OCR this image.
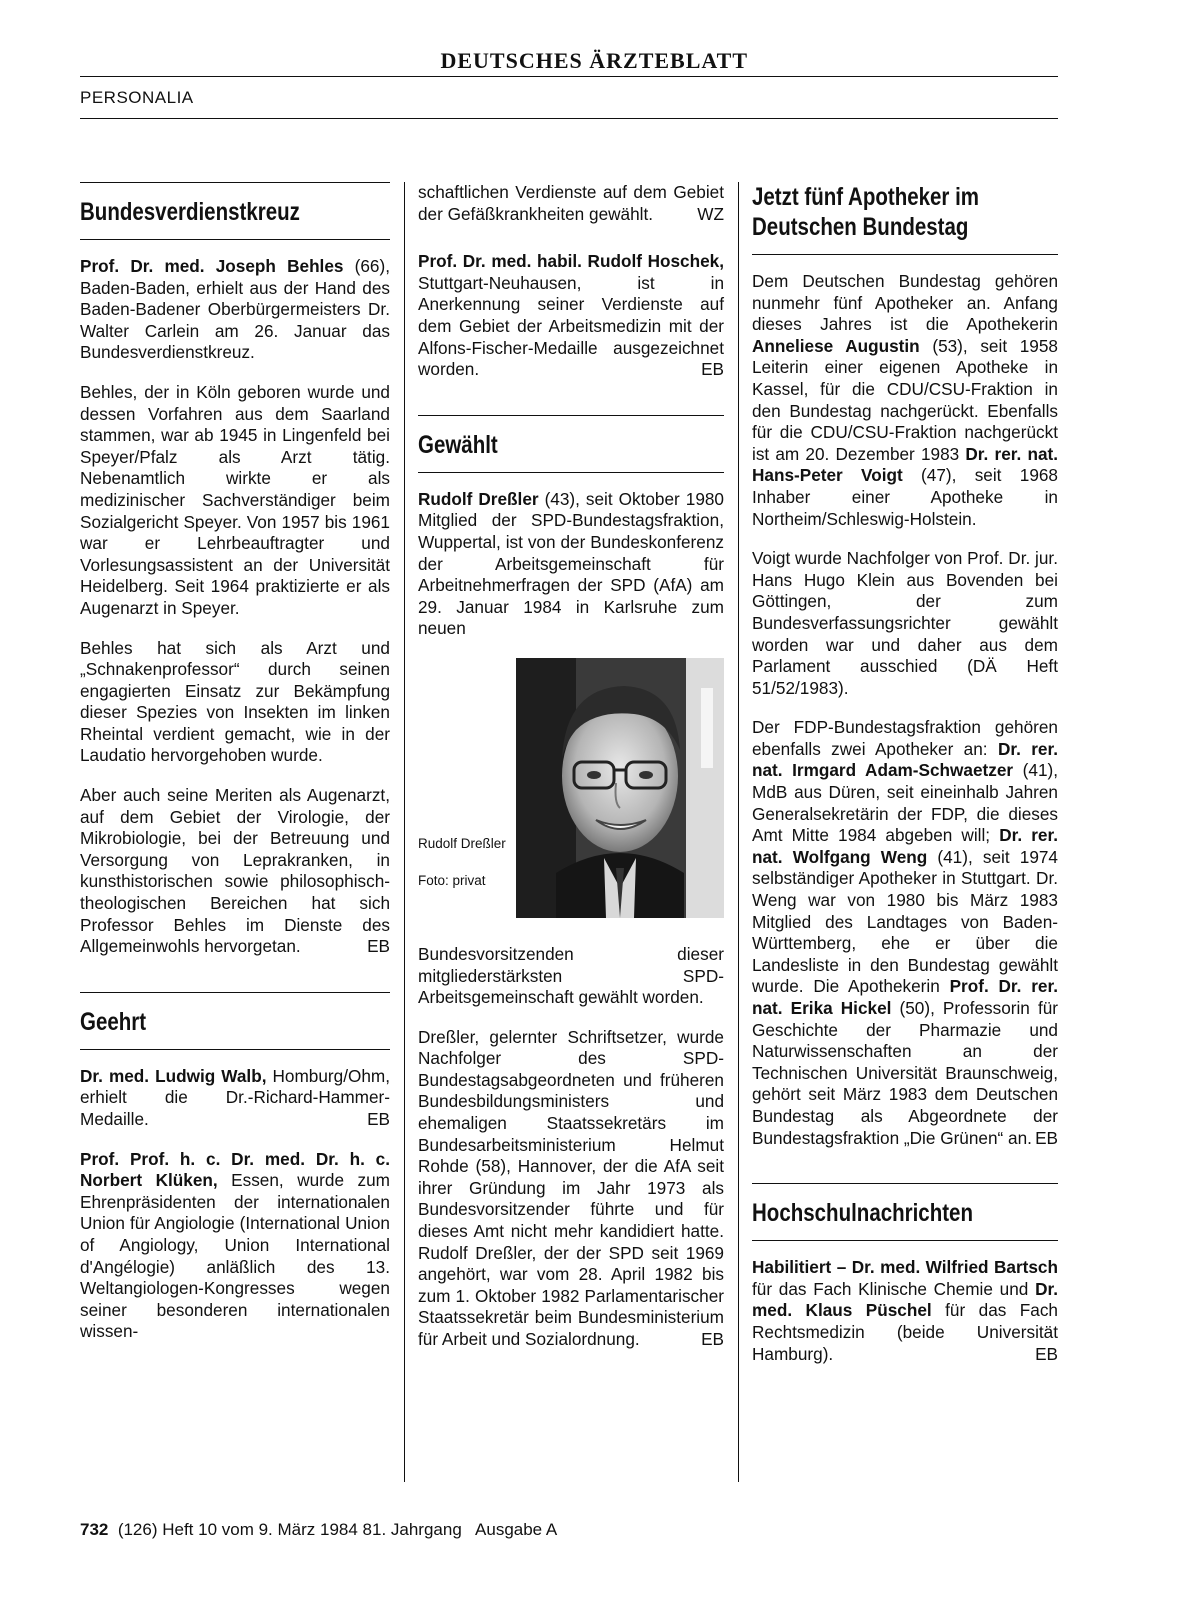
DEUTSCHES ÄRZTEBLATT
PERSONALIA
Bundesverdienstkreuz

Prof. Dr. med. Joseph Behles (66), Baden-Baden, erhielt aus der Hand des Baden-Badener Oberbürgermeisters Dr. Walter Carlein am 26. Januar das Bundesverdienstkreuz.

Behles, der in Köln geboren wurde und dessen Vorfahren aus dem Saarland stammen, war ab 1945 in Lingenfeld bei Speyer/Pfalz als Arzt tätig. Nebenamtlich wirkte er als medizinischer Sachverständiger beim Sozialgericht Speyer. Von 1957 bis 1961 war er Lehrbeauftragter und Vorlesungsassistent an der Universität Heidelberg. Seit 1964 praktizierte er als Augenarzt in Speyer.

Behles hat sich als Arzt und „Schnakenprofessor“ durch seinen engagierten Einsatz zur Bekämpfung dieser Spezies von Insekten im linken Rheintal verdient gemacht, wie in der Laudatio hervorgehoben wurde.

Aber auch seine Meriten als Augenarzt, auf dem Gebiet der Virologie, der Mikrobiologie, bei der Betreuung und Versorgung von Leprakranken, in kunsthistorischen sowie philosophisch-theologischen Bereichen hat sich Professor Behles im Dienste des Allgemeinwohls hervorgetan.	EB

Geehrt

Dr. med. Ludwig Walb, Homburg/Ohm, erhielt die Dr.-Richard-Hammer-Medaille.	EB

Prof. Prof. h. c. Dr. med. Dr. h. c. Norbert Klüken, Essen, wurde zum Ehrenpräsidenten der internationalen Union für Angiologie (International Union of Angiology, Union International d'Angélogie) anläßlich des 13. Weltangiologen-Kongresses wegen seiner besonderen internationalen wissen-

schaftlichen Verdienste auf dem Gebiet der Gefäßkrankheiten gewählt.	WZ

Prof. Dr. med. habil. Rudolf Hoschek, Stuttgart-Neuhausen, ist in Anerkennung seiner Verdienste auf dem Gebiet der Arbeitsmedizin mit der Alfons-Fischer-Medaille ausgezeichnet worden.	EB

Gewählt

Rudolf Dreßler (43), seit Oktober 1980 Mitglied der SPD-Bundestagsfraktion, Wuppertal, ist von der Bundeskonferenz der Arbeitsgemeinschaft für Arbeitnehmerfragen der SPD (AfA) am 29. Januar 1984 in Karlsruhe zum neuen

Rudolf Dreßler
Foto: privat

Bundesvorsitzenden dieser mitgliederstärksten SPD-Arbeitsgemeinschaft gewählt worden.

Dreßler, gelernter Schriftsetzer, wurde Nachfolger des SPD-Bundestagsabgeordneten und früheren Bundesbildungsministers und ehemaligen Staatssekretärs im Bundesarbeitsministerium Helmut Rohde (58), Hannover, der die AfA seit ihrer Gründung im Jahr 1973 als Bundesvorsitzender führte und für dieses Amt nicht mehr kandidiert hatte. Rudolf Dreßler, der der SPD seit 1969 angehört, war vom 28. April 1982 bis zum 1. Oktober 1982 Parlamentarischer Staatssekretär beim Bundesministerium für Arbeit und Sozialordnung.	EB

Jetzt fünf Apotheker im Deutschen Bundestag

Dem Deutschen Bundestag gehören nunmehr fünf Apotheker an. Anfang dieses Jahres ist die Apothekerin Anneliese Augustin (53), seit 1958 Leiterin einer eigenen Apotheke in Kassel, für die CDU/CSU-Fraktion in den Bundestag nachgerückt. Ebenfalls für die CDU/CSU-Fraktion nachgerückt ist am 20. Dezember 1983 Dr. rer. nat. Hans-Peter Voigt (47), seit 1968 Inhaber einer Apotheke in Northeim/Schleswig-Holstein.

Voigt wurde Nachfolger von Prof. Dr. jur. Hans Hugo Klein aus Bovenden bei Göttingen, der zum Bundesverfassungsrichter gewählt worden war und daher aus dem Parlament ausschied (DÄ Heft 51/52/1983).

Der FDP-Bundestagsfraktion gehören ebenfalls zwei Apotheker an: Dr. rer. nat. Irmgard Adam-Schwaetzer (41), MdB aus Düren, seit eineinhalb Jahren Generalsekretärin der FDP, die dieses Amt Mitte 1984 abgeben will; Dr. rer. nat. Wolfgang Weng (41), seit 1974 selbständiger Apotheker in Stuttgart. Dr. Weng war von 1980 bis März 1983 Mitglied des Landtages von Baden-Württemberg, ehe er über die Landesliste in den Bundestag gewählt wurde. Die Apothekerin Prof. Dr. rer. nat. Erika Hickel (50), Professorin für Geschichte der Pharmazie und Naturwissenschaften an der Technischen Universität Braunschweig, gehört seit März 1983 dem Deutschen Bundestag als Abgeordnete der Bundestagsfraktion „Die Grünen“ an. EB

Hochschulnachrichten

Habilitiert – Dr. med. Wilfried Bartsch für das Fach Klinische Chemie und Dr. med. Klaus Püschel für das Fach Rechtsmedizin (beide Universität Hamburg).	EB

732  (126) Heft 10 vom 9. März 1984 81. Jahrgang   Ausgabe A
